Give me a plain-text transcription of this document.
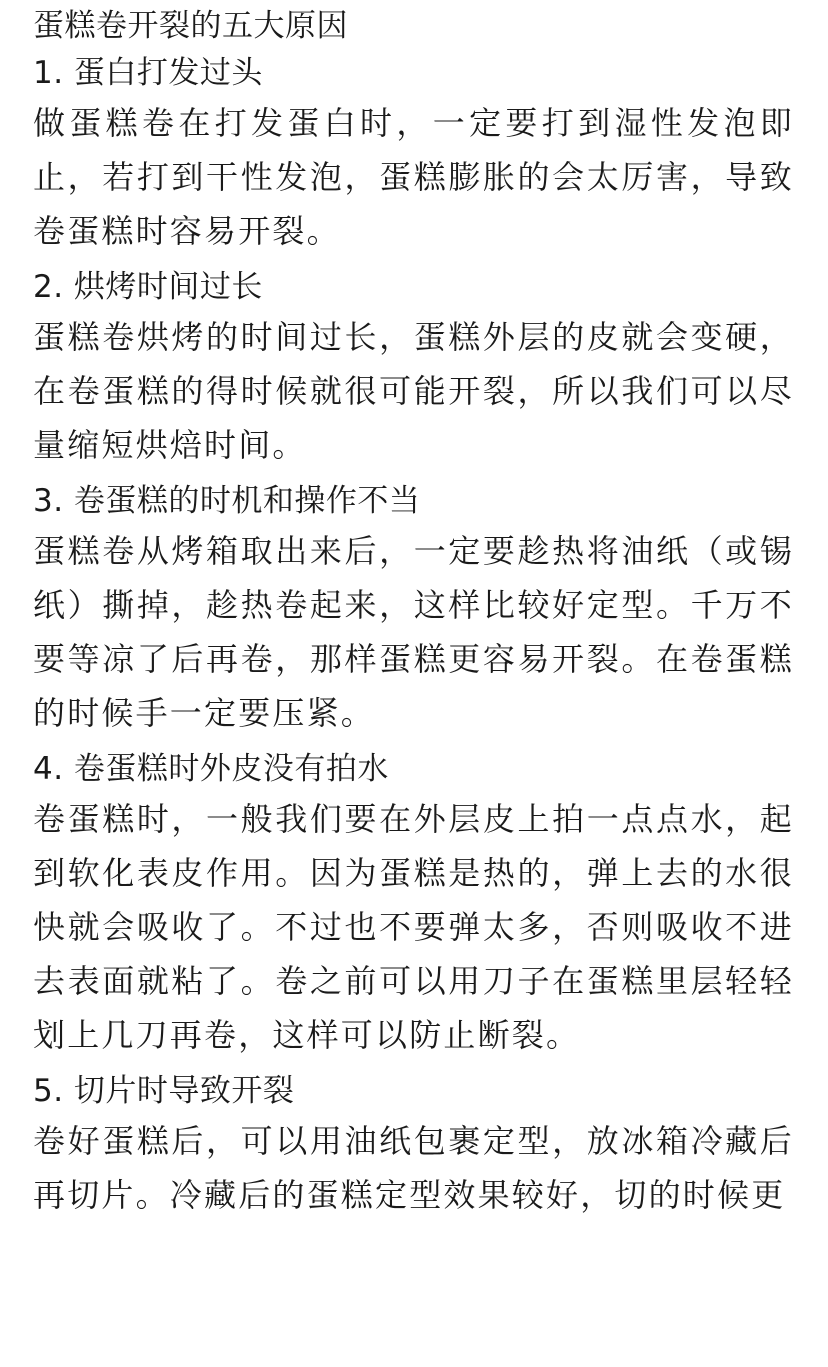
蛋糕卷开裂的五大原因
1. 蛋白打发过头

做蛋糕卷在打发蛋白时，一定要打到湿性发泡即止，若打到干性发泡，蛋糕膨胀的会太厉害，导致卷蛋糕时容易开裂。

2. 烘烤时间过长

蛋糕卷烘烤的时间过长，蛋糕外层的皮就会变硬，在卷蛋糕的得时候就很可能开裂，所以我们可以尽量缩短烘焙时间。

3. 卷蛋糕的时机和操作不当

蛋糕卷从烤箱取出来后，一定要趁热将油纸（或锡纸）撕掉，趁热卷起来，这样比较好定型。千万不要等凉了后再卷，那样蛋糕更容易开裂。在卷蛋糕的时候手一定要压紧。

4. 卷蛋糕时外皮没有拍水

卷蛋糕时，一般我们要在外层皮上拍一点点水，起到软化表皮作用。因为蛋糕是热的，弹上去的水很快就会吸收了。不过也不要弹太多，否则吸收不进去表面就粘了。卷之前可以用刀子在蛋糕里层轻轻划上几刀再卷，这样可以防止断裂。

5. 切片时导致开裂

卷好蛋糕后，可以用油纸包裹定型，放冰箱冷藏后再切片。冷藏后的蛋糕定型效果较好，切的时候更
